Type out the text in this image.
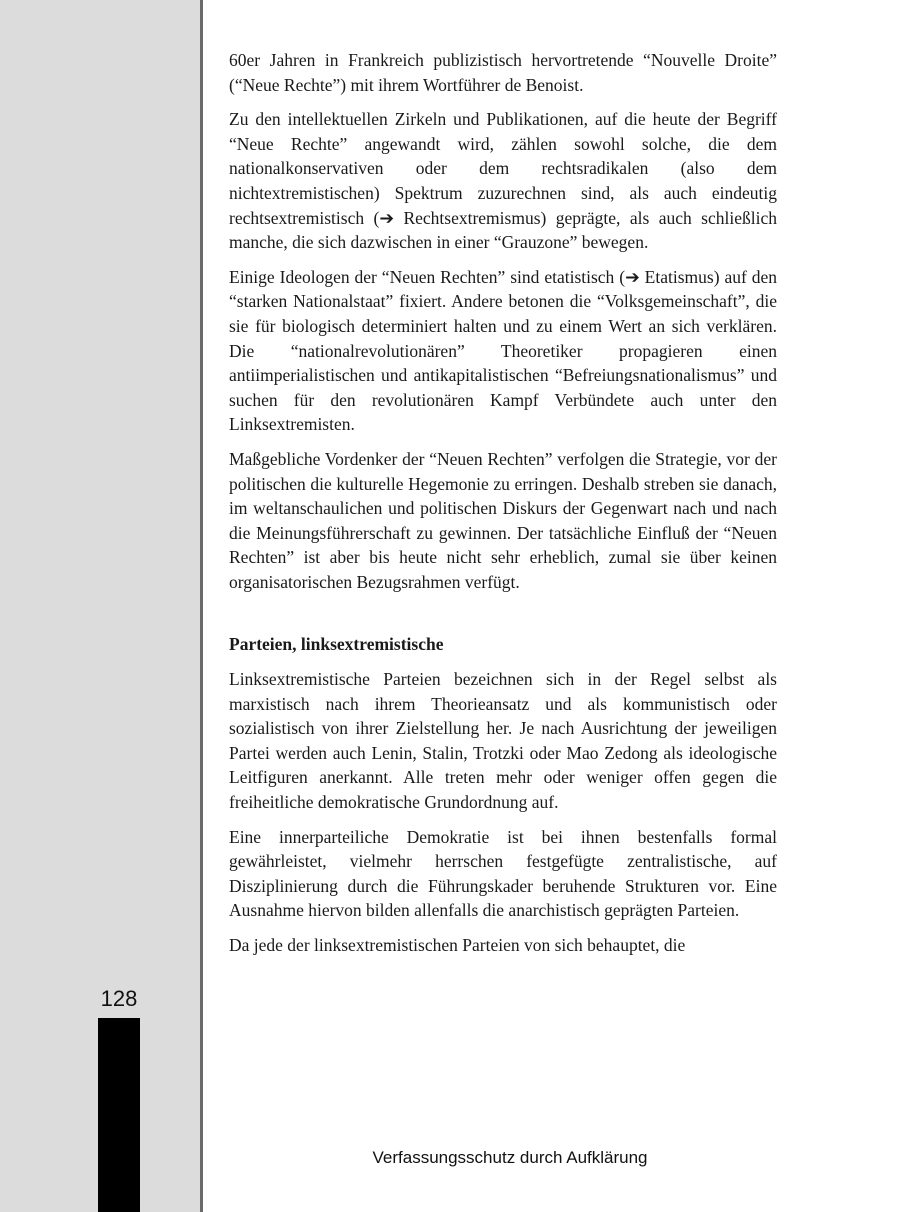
128

60er Jahren in Frankreich publizistisch hervortretende “Nouvelle Droite” (“Neue Rechte”) mit ihrem Wortführer de Benoist.

Zu den intellektuellen Zirkeln und Publikationen, auf die heute der Begriff “Neue Rechte” angewandt wird, zählen sowohl solche, die dem nationalkonservativen oder dem rechtsradikalen (also dem nichtextremistischen) Spektrum zuzurechnen sind, als auch eindeutig rechtsextremistisch (➔ Rechtsextremismus) geprägte, als auch schließlich manche, die sich dazwischen in einer “Grauzone” bewegen.

Einige Ideologen der “Neuen Rechten” sind etatistisch (➔ Etatismus) auf den “starken Nationalstaat” fixiert. Andere betonen die “Volksgemeinschaft”, die sie für biologisch determiniert halten und zu einem Wert an sich verklären. Die “nationalrevolutionären” Theoretiker propagieren einen antiimperialistischen und antikapitalistischen “Befreiungsnationalismus” und suchen für den revolutionären Kampf Verbündete auch unter den Linksextremisten.

Maßgebliche Vordenker der “Neuen Rechten” verfolgen die Strategie, vor der politischen die kulturelle Hegemonie zu erringen. Deshalb streben sie danach, im weltanschaulichen und politischen Diskurs der Gegenwart nach und nach die Meinungsführerschaft zu gewinnen. Der tatsächliche Einfluß der “Neuen Rechten” ist aber bis heute nicht sehr erheblich, zumal sie über keinen organisatorischen Bezugsrahmen verfügt.

Parteien, linksextremistische

Linksextremistische Parteien bezeichnen sich in der Regel selbst als marxistisch nach ihrem Theorieansatz und als kommunistisch oder sozialistisch von ihrer Zielstellung her. Je nach Ausrichtung der jeweiligen Partei werden auch Lenin, Stalin, Trotzki oder Mao Zedong als ideologische Leitfiguren anerkannt. Alle treten mehr oder weniger offen gegen die freiheitliche demokratische Grundordnung auf.

Eine innerparteiliche Demokratie ist bei ihnen bestenfalls formal gewährleistet, vielmehr herrschen festgefügte zentralistische, auf Disziplinierung durch die Führungskader beruhende Strukturen vor. Eine Ausnahme hiervon bilden allenfalls die anarchistisch geprägten Parteien.

Da jede der linksextremistischen Parteien von sich behauptet, die

Verfassungsschutz durch Aufklärung
